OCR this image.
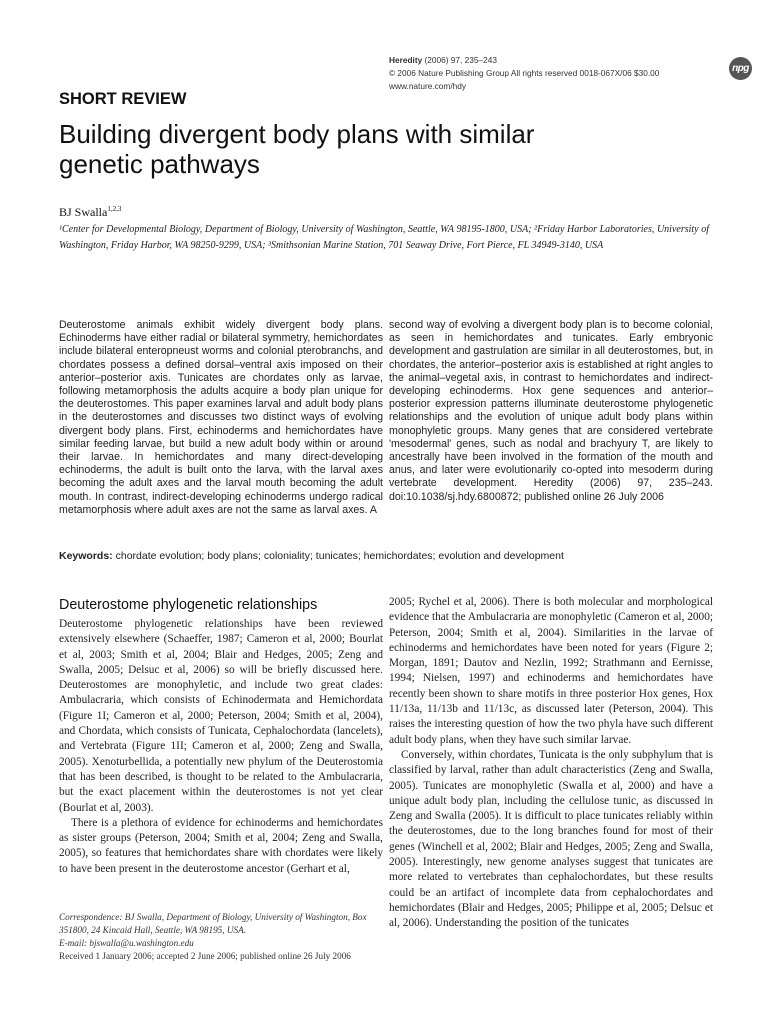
Heredity (2006) 97, 235–243
© 2006 Nature Publishing Group All rights reserved 0018-067X/06 $30.00
www.nature.com/hdy
npg
SHORT REVIEW
Building divergent body plans with similar genetic pathways
BJ Swalla$^{1,2,3}$
¹Center for Developmental Biology, Department of Biology, University of Washington, Seattle, WA 98195-1800, USA; ²Friday Harbor Laboratories, University of Washington, Friday Harbor, WA 98250-9299, USA; ³Smithsonian Marine Station, 701 Seaway Drive, Fort Pierce, FL 34949-3140, USA
Deuterostome animals exhibit widely divergent body plans. Echinoderms have either radial or bilateral symmetry, hemichordates include bilateral enteropneust worms and colonial pterobranchs, and chordates possess a defined dorsal–ventral axis imposed on their anterior–posterior axis. Tunicates are chordates only as larvae, following metamorphosis the adults acquire a body plan unique for the deuterostomes. This paper examines larval and adult body plans in the deuterostomes and discusses two distinct ways of evolving divergent body plans. First, echinoderms and hemichordates have similar feeding larvae, but build a new adult body within or around their larvae. In hemichordates and many direct-developing echinoderms, the adult is built onto the larva, with the larval axes becoming the adult axes and the larval mouth becoming the adult mouth. In contrast, indirect-developing echinoderms undergo radical metamorphosis where adult axes are not the same as larval axes. A
second way of evolving a divergent body plan is to become colonial, as seen in hemichordates and tunicates. Early embryonic development and gastrulation are similar in all deuterostomes, but, in chordates, the anterior–posterior axis is established at right angles to the animal–vegetal axis, in contrast to hemichordates and indirect-developing echinoderms. Hox gene sequences and anterior–posterior expression patterns illuminate deuterostome phylogenetic relationships and the evolution of unique adult body plans within monophyletic groups. Many genes that are considered vertebrate 'mesodermal' genes, such as nodal and brachyury T, are likely to ancestrally have been involved in the formation of the mouth and anus, and later were evolutionarily co-opted into mesoderm during vertebrate development. Heredity (2006) 97, 235–243. doi:10.1038/sj.hdy.6800872; published online 26 July 2006
Keywords: chordate evolution; body plans; coloniality; tunicates; hemichordates; evolution and development
Deuterostome phylogenetic relationships

Deuterostome phylogenetic relationships have been reviewed extensively elsewhere (Schaeffer, 1987; Cameron et al, 2000; Bourlat et al, 2003; Smith et al, 2004; Blair and Hedges, 2005; Zeng and Swalla, 2005; Delsuc et al, 2006) so will be briefly discussed here. Deuterostomes are monophyletic, and include two great clades: Ambulacraria, which consists of Echinodermata and Hemichordata (Figure 1I; Cameron et al, 2000; Peterson, 2004; Smith et al, 2004), and Chordata, which consists of Tunicata, Cephalochordata (lancelets), and Vertebrata (Figure 1II; Cameron et al, 2000; Zeng and Swalla, 2005). Xenoturbellida, a potentially new phylum of the Deuterostomia that has been described, is thought to be related to the Ambulacraria, but the exact placement within the deuterostomes is not yet clear (Bourlat et al, 2003).

There is a plethora of evidence for echinoderms and hemichordates as sister groups (Peterson, 2004; Smith et al, 2004; Zeng and Swalla, 2005), so features that hemichordates share with chordates were likely to have been present in the deuterostome ancestor (Gerhart et al,

2005; Rychel et al, 2006). There is both molecular and morphological evidence that the Ambulacraria are monophyletic (Cameron et al, 2000; Peterson, 2004; Smith et al, 2004). Similarities in the larvae of echinoderms and hemichordates have been noted for years (Figure 2; Morgan, 1891; Dautov and Nezlin, 1992; Strathmann and Eernisse, 1994; Nielsen, 1997) and echinoderms and hemichordates have recently been shown to share motifs in three posterior Hox genes, Hox 11/13a, 11/13b and 11/13c, as discussed later (Peterson, 2004). This raises the interesting question of how the two phyla have such different adult body plans, when they have such similar larvae.

Conversely, within chordates, Tunicata is the only subphylum that is classified by larval, rather than adult characteristics (Zeng and Swalla, 2005). Tunicates are monophyletic (Swalla et al, 2000) and have a unique adult body plan, including the cellulose tunic, as discussed in Zeng and Swalla (2005). It is difficult to place tunicates reliably within the deuterostomes, due to the long branches found for most of their genes (Winchell et al, 2002; Blair and Hedges, 2005; Zeng and Swalla, 2005). Interestingly, new genome analyses suggest that tunicates are more related to vertebrates than cephalochordates, but these results could be an artifact of incomplete data from cephalochordates and hemichordates (Blair and Hedges, 2005; Philippe et al, 2005; Delsuc et al, 2006). Understanding the position of the tunicates

Correspondence: BJ Swalla, Department of Biology, University of Washington, Box 351800, 24 Kincaid Hall, Seattle, WA 98195, USA.
E-mail: bjswalla@u.washington.edu
Received 1 January 2006; accepted 2 June 2006; published online 26 July 2006
